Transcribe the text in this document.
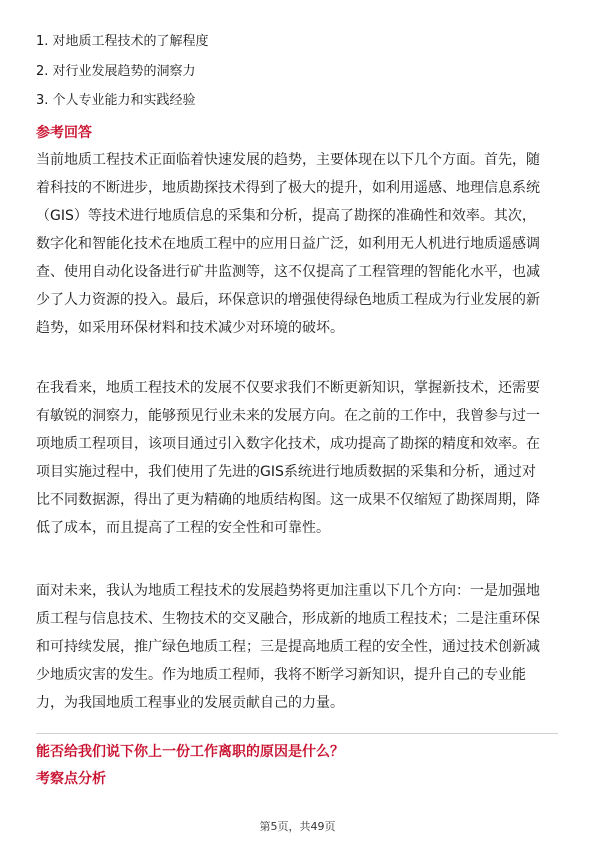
1. 对地质工程技术的了解程度
2. 对行业发展趋势的洞察力
3. 个人专业能力和实践经验
参考回答
当前地质工程技术正面临着快速发展的趋势，主要体现在以下几个方面。首先，随
着科技的不断进步，地质勘探技术得到了极大的提升，如利用遥感、地理信息系统
（GIS）等技术进行地质信息的采集和分析，提高了勘探的准确性和效率。其次，
数字化和智能化技术在地质工程中的应用日益广泛，如利用无人机进行地质遥感调
查、使用自动化设备进行矿井监测等，这不仅提高了工程管理的智能化水平，也减
少了人力资源的投入。最后，环保意识的增强使得绿色地质工程成为行业发展的新
趋势，如采用环保材料和技术减少对环境的破坏。
在我看来，地质工程技术的发展不仅要求我们不断更新知识，掌握新技术，还需要
有敏锐的洞察力，能够预见行业未来的发展方向。在之前的工作中，我曾参与过一
项地质工程项目，该项目通过引入数字化技术，成功提高了勘探的精度和效率。在
项目实施过程中，我们使用了先进的GIS系统进行地质数据的采集和分析，通过对
比不同数据源，得出了更为精确的地质结构图。这一成果不仅缩短了勘探周期，降
低了成本，而且提高了工程的安全性和可靠性。
面对未来，我认为地质工程技术的发展趋势将更加注重以下几个方向：一是加强地
质工程与信息技术、生物技术的交叉融合，形成新的地质工程技术；二是注重环保
和可持续发展，推广绿色地质工程；三是提高地质工程的安全性，通过技术创新减
少地质灾害的发生。作为地质工程师，我将不断学习新知识，提升自己的专业能
力，为我国地质工程事业的发展贡献自己的力量。
能否给我们说下你上一份工作离职的原因是什么？
考察点分析
第5页，共49页
